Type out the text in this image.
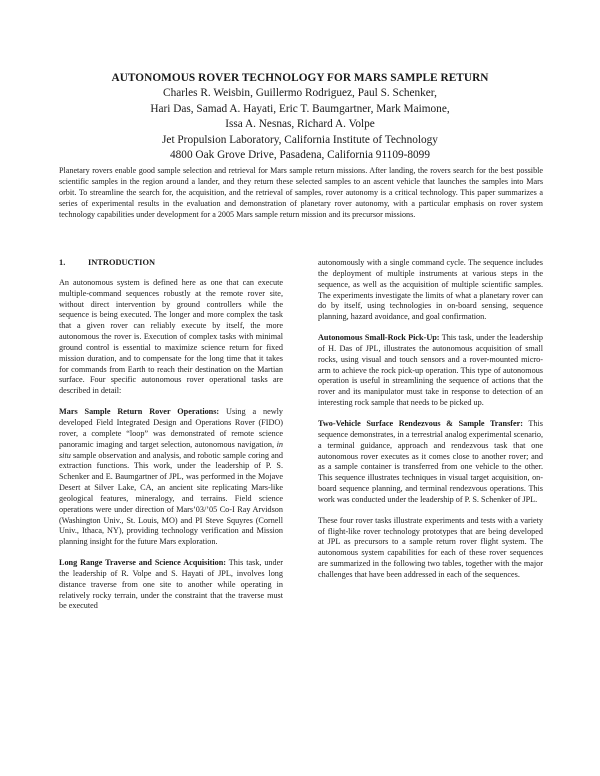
AUTONOMOUS ROVER TECHNOLOGY FOR MARS SAMPLE RETURN
Charles R. Weisbin, Guillermo Rodriguez, Paul S. Schenker,
Hari Das, Samad A. Hayati, Eric T. Baumgartner, Mark Maimone,
Issa A. Nesnas, Richard A. Volpe
Jet Propulsion Laboratory, California Institute of Technology
4800 Oak Grove Drive, Pasadena, California 91109-8099
Planetary rovers enable good sample selection and retrieval for Mars sample return missions. After landing, the rovers search for the best possible scientific samples in the region around a lander, and they return these selected samples to an ascent vehicle that launches the samples into Mars orbit. To streamline the search for, the acquisition, and the retrieval of samples, rover autonomy is a critical technology. This paper summarizes a series of experimental results in the evaluation and demonstration of planetary rover autonomy, with a particular emphasis on rover system technology capabilities under development for a 2005 Mars sample return mission and its precursor missions.
1.	INTRODUCTION

An autonomous system is defined here as one that can execute multiple-command sequences robustly at the remote rover site, without direct intervention by ground controllers while the sequence is being executed. The longer and more complex the task that a given rover can reliably execute by itself, the more autonomous the rover is. Execution of complex tasks with minimal ground control is essential to maximize science return for fixed mission duration, and to compensate for the long time that it takes for commands from Earth to reach their destination on the Martian surface. Four specific autonomous rover operational tasks are described in detail:

Mars Sample Return Rover Operations: Using a newly developed Field Integrated Design and Operations Rover (FIDO) rover, a complete “loop” was demonstrated of remote science panoramic imaging and target selection, autonomous navigation, in situ sample observation and analysis, and robotic sample coring and extraction functions. This work, under the leadership of P. S. Schenker and E. Baumgartner of JPL, was performed in the Mojave Desert at Silver Lake, CA, an ancient site replicating Mars-like geological features, mineralogy, and terrains. Field science operations were under direction of Mars’03/’05 Co-I Ray Arvidson (Washington Univ., St. Louis, MO) and PI Steve Squyres (Cornell Univ., Ithaca, NY), providing technology verification and Mission planning insight for the future Mars exploration.

Long Range Traverse and Science Acquisition: This task, under the leadership of R. Volpe and S. Hayati of JPL, involves long distance traverse from one site to another while operating in relatively rocky terrain, under the constraint that the traverse must be executed

autonomously with a single command cycle. The sequence includes the deployment of multiple instruments at various steps in the sequence, as well as the acquisition of multiple scientific samples. The experiments investigate the limits of what a planetary rover can do by itself, using technologies in on-board sensing, sequence planning, hazard avoidance, and goal confirmation.

Autonomous Small-Rock Pick-Up: This task, under the leadership of H. Das of JPL, illustrates the autonomous acquisition of small rocks, using visual and touch sensors and a rover-mounted micro-arm to achieve the rock pick-up operation. This type of autonomous operation is useful in streamlining the sequence of actions that the rover and its manipulator must take in response to detection of an interesting rock sample that needs to be picked up.

Two-Vehicle Surface Rendezvous & Sample Transfer: This sequence demonstrates, in a terrestrial analog experimental scenario, a terminal guidance, approach and rendezvous task that one autonomous rover executes as it comes close to another rover; and as a sample container is transferred from one vehicle to the other. This sequence illustrates techniques in visual target acquisition, on-board sequence planning, and terminal rendezvous operations. This work was conducted under the leadership of P. S. Schenker of JPL.

These four rover tasks illustrate experiments and tests with a variety of flight-like rover technology prototypes that are being developed at JPL as precursors to a sample return rover flight system. The autonomous system capabilities for each of these rover sequences are summarized in the following two tables, together with the major challenges that have been addressed in each of the sequences.
